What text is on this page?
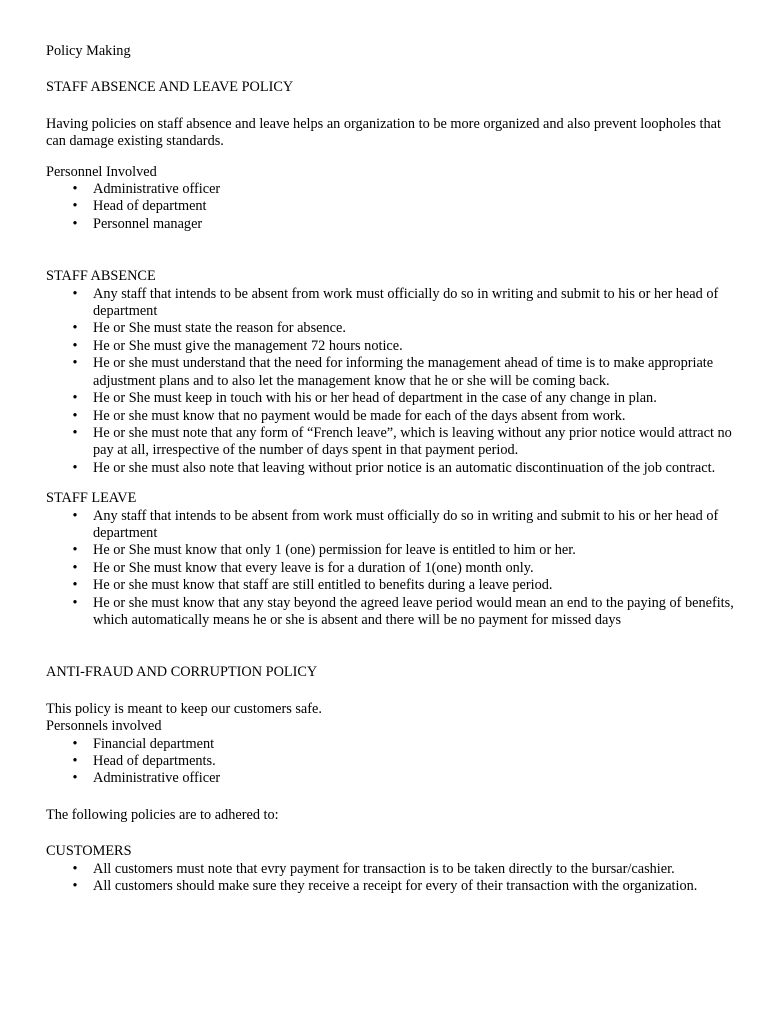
Policy Making

STAFF ABSENCE AND LEAVE POLICY

Having policies on staff absence and leave helps an organization to be more organized and also prevent loopholes that can damage existing standards.

Personnel Involved

• Administrative officer
• Head of department
• Personnel manager

STAFF ABSENCE

• Any staff that intends to be absent from work must officially do so in writing and submit to his or her head of department
• He or She must state the reason for absence.
• He or She must give the management 72 hours notice.
• He or she must understand that the need for informing the management ahead of time is to make appropriate adjustment plans and to also let the management know that he or she will be coming back.
• He or She must keep in touch with his or her head of department in the case of any change in plan.
• He or she must know that no payment would be made for each of the days absent from work.
• He or she must note that any form of “French leave”, which is leaving without any prior notice would attract no pay at all, irrespective of the number of days spent in that payment period.
• He or she must also note that leaving without prior notice is an automatic discontinuation of the job contract.

STAFF LEAVE

• Any staff that intends to be absent from work must officially do so in writing and submit to his or her head of department
• He or She must know that only 1 (one) permission for leave is entitled to him or her.
• He or She must know that every leave is for a duration of 1(one) month only.
• He or she must know that staff are still entitled to benefits during a leave period.
• He or she must know that any stay beyond the agreed leave period would mean an end to the paying of benefits, which automatically means he or she is absent and there will be no payment for missed days

ANTI-FRAUD AND CORRUPTION POLICY

This policy is meant to keep our customers safe.

Personnels involved

• Financial department
• Head of departments.
• Administrative officer

The following policies are to adhered to:

CUSTOMERS

• All customers must note that evry payment for transaction is to be taken directly to the bursar/cashier.
• All customers should make sure they receive a receipt for every of their transaction with the organization.
